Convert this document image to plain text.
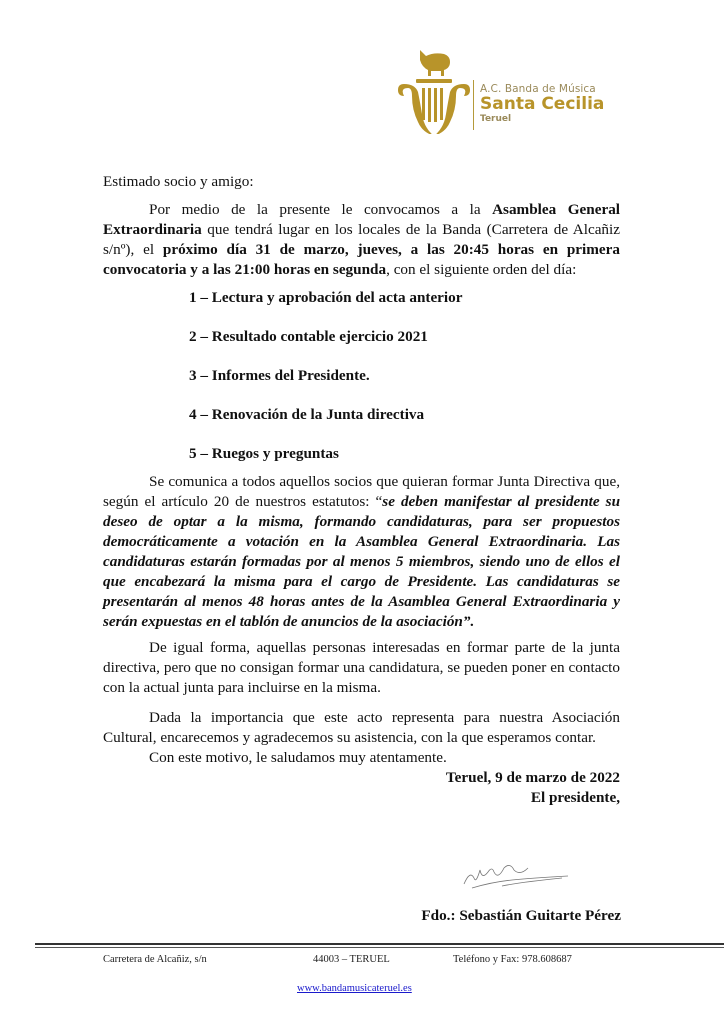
A.C. Banda de Música
Santa Cecilia
Teruel

Estimado socio y amigo:

Por medio de la presente le convocamos a la Asamblea General Extraordinaria que tendrá lugar en los locales de la Banda (Carretera de Alcañiz s/nº), el próximo día 31 de marzo, jueves, a las 20:45 horas en primera convocatoria y a las 21:00 horas en segunda, con el siguiente orden del día:

1 – Lectura y aprobación del acta anterior
2 – Resultado contable ejercicio 2021
3 – Informes del Presidente.
4 – Renovación de la Junta directiva
5 – Ruegos y preguntas

Se comunica a todos aquellos socios que quieran formar Junta Directiva que, según el artículo 20 de nuestros estatutos: “se deben manifestar al presidente su deseo de optar a la misma, formando candidaturas, para ser propuestos democráticamente a votación en la Asamblea General Extraordinaria. Las candidaturas estarán formadas por al menos 5 miembros, siendo uno de ellos el que encabezará la misma para el cargo de Presidente. Las candidaturas se presentarán al menos 48 horas antes de la Asamblea General Extraordinaria y serán expuestas en el tablón de anuncios de la asociación”.

De igual forma, aquellas personas interesadas en formar parte de la junta directiva, pero que no consigan formar una candidatura, se pueden poner en contacto con la actual junta para incluirse en la misma.

Dada la importancia que este acto representa para nuestra Asociación Cultural, encarecemos y agradecemos su asistencia, con la que esperamos contar.

Con este motivo, le saludamos muy atentamente.

Teruel, 9 de marzo de 2022

El presidente,

Fdo.: Sebastián Guitarte Pérez
Carretera de Alcañiz, s/n	44003 – TERUEL	Teléfono y Fax: 978.608687
www.bandamusicateruel.es
